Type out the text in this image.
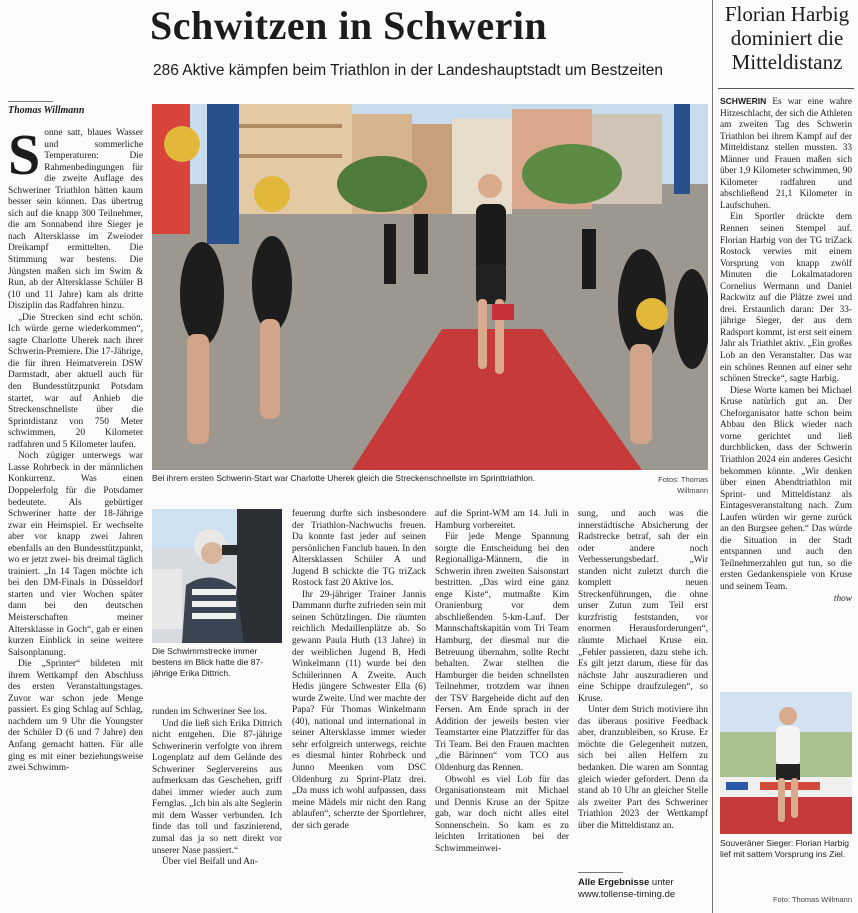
Schwitzen in Schwerin
286 Aktive kämpfen beim Triathlon in der Landeshauptstadt um Bestzeiten
Florian Harbig dominiert die Mitteldistanz
Thomas Willmann

Sonne satt, blaues Wasser und sommerliche Temperaturen: Die Rahmenbedingungen für die zweite Auflage des Schweriner Triathlon hätten kaum besser sein können. Das übertrug sich auf die knapp 300 Teilnehmer, die am Sonnabend ihre Sieger je nach Altersklasse im Zweioder Dreikampf ermittelten. Die Stimmung war bestens. Die Jüngsten maßen sich im Swim & Run, ab der Altersklasse Schüler B (10 und 11 Jahre) kam als dritte Disziplin das Radfahren hinzu.

„Die Strecken sind echt schön. Ich würde gerne wiederkommen“, sagte Charlotte Uherek nach ihrer Schwerin-Premiere. Die 17-Jährige, die für ihren Heimatverein DSW Darmstadt, aber aktuell auch für den Bundesstützpunkt Potsdam startet, war auf Anhieb die Streckenschnellste über die Sprintdistanz von 750 Meter schwimmen, 20 Kilometer radfahren und 5 Kilometer laufen.

Noch zügiger unterwegs war Lasse Rohrbeck in der männlichen Konkurrenz. Was einen Doppelerfolg für die Potsdamer bedeutete. Als gebürtiger Schweriner hatte der 18-Jährige zwar ein Heimspiel. Er wechselte aber vor knapp zwei Jahren ebenfalls an den Bundesstützpunkt, wo er jetzt zwei- bis dreimal täglich trainiert. „In 14 Tagen möchte ich bei den DM-Finals in Düsseldorf starten und vier Wochen später dann bei den deutschen Meisterschaften meiner Altersklasse in Goch“, gab er einen kurzen Einblick in seine weitere Saisonplanung.

Die „Sprinter“ bildeten mit ihrem Wettkampf den Abschluss des ersten Veranstaltungstages. Zuvor war schon jede Menge passiert. Es ging Schlag auf Schlag, nachdem um 9 Uhr die Youngster der Schüler D (6 und 7 Jahre) den Anfang gemacht hatten. Für alle ging es mit einer beziehungsweise zwei Schwimm-

Bei ihrem ersten Schwerin-Start war Charlotte Uherek gleich die Streckenschnellste im Sprinttriathlon.	Fotos: Thomas Willmann
Die Schwimmstrecke immer bestens im Blick hatte die 87-jährige Erika Dittrich.

runden im Schweriner See los.

Und die ließ sich Erika Dittrich nicht entgehen. Die 87-jährige Schwerinerin verfolgte von ihrem Logenplatz auf dem Gelände des Schweriner Seglervereins aus aufmerksam das Geschehen, griff dabei immer wieder auch zum Fernglas. „Ich bin als alte Seglerin mit dem Wasser verbunden. Ich finde das toll und faszinierend, zumal das ja so nett direkt vor unserer Nase passiert.“

Über viel Beifall und An-

feuerung durfte sich insbesondere der Triathlon-Nachwuchs freuen. Da konnte fast jeder auf seinen persönlichen Fanclub bauen. In den Altersklassen Schüler A und Jugend B schickte die TG triZack Rostock fast 20 Aktive los.

Ihr 29-jähriger Trainer Jannis Dammann durfte zufrieden sein mit seinen Schützlingen. Die räumten reichlich Medaillenplätze ab. So gewann Paula Huth (13 Jahre) in der weiblichen Jugend B, Hedi Winkelmann (11) wurde bei den Schülerinnen A Zweite. Auch Hedis jüngere Schwester Ella (6) wurde Zweite. Und wer machte der Papa? Für Thomas Winkelmann (40), national und international in seiner Altersklasse immer wieder sehr erfolgreich unterwegs, reichte es diesmal hinter Rohrbeck und Junno Meenken vom DSC Oldenburg zu Sprint-Platz drei. „Da muss ich wohl aufpassen, dass meine Mädels mir nicht den Rang ablaufen“, scherzte der Sportlehrer, der sich gerade

auf die Sprint-WM am 14. Juli in Hamburg vorbereitet.

Für jede Menge Spannung sorgte die Entscheidung bei den Regionalliga-Männern, die in Schwerin ihren zweiten Saisonstart bestritten. „Das wird eine ganz enge Kiste“, mutmaßte Kim Oranienburg vor dem abschließenden 5-km-Lauf. Der Mannschaftskapitän vom Tri Team Hamburg, der diesmal nur die Betreuung übernahm, sollte Recht behalten. Zwar stellten die Hamburger die beiden schnellsten Teilnehmer, trotzdem war ihnen der TSV Bargeheide dicht auf den Fersen. Am Ende sprach in der Addition der jeweils besten vier Teamstarter eine Platzziffer für das Tri Team. Bei den Frauen machten „die Bärinnen“ vom TCO aus Oldenburg das Rennen.

Obwohl es viel Lob für das Organisationsteam mit Michael und Dennis Kruse an der Spitze gab, war doch nicht alles eitel Sonnenschein. So kam es zu leichten Irritationen bei der Schwimmeinwei-

sung, und auch was die innerstädtische Absicherung der Radstrecke betraf, sah der ein oder andere noch Verbesserungsbedarf. „Wir standen nicht zuletzt durch die komplett neuen Streckenführungen, die ohne unser Zutun zum Teil erst kurzfristig feststanden, vor enormen Herausforderungen“, räumte Michael Kruse ein. „Fehler passieren, dazu stehe ich. Es gilt jetzt darum, diese für das nächste Jahr auszuradieren und eine Schippe draufzulegen“, so Kruse.

Unter dem Strich motiviere ihn das überaus positive Feedback aber, dranzubleiben, so Kruse. Er möchte die Gelegenheit nutzen, sich bei allen Helfern zu bedanken. Die waren am Sonntag gleich wieder gefordert. Denn da stand ab 10 Uhr an gleicher Stelle als zweiter Part des Schweriner Triathlon 2023 der Wettkampf über die Mitteldistanz an.

Alle Ergebnisse unter www.tollense-timing.de

SCHWERIN Es war eine wahre Hitzeschlacht, der sich die Athleten am zweiten Tag des Schwerin Triathlon bei ihrem Kampf auf der Mitteldistanz stellen mussten. 33 Männer und Frauen maßen sich über 1,9 Kilometer schwimmen, 90 Kilometer radfahren und abschließend 21,1 Kilometer in Laufschuhen.

Ein Sportler drückte dem Rennen seinen Stempel auf. Florian Harbig von der TG triZack Rostock verwies mit einem Vorsprung von knapp zwölf Minuten die Lokalmatadoren Cornelius Wermann und Daniel Rackwitz auf die Plätze zwei und drei. Erstaunlich daran: Der 33-jährige Sieger, der aus dem Radsport kommt, ist erst seit einem Jahr als Triathlet aktiv. „Ein großes Lob an den Veranstalter. Das war ein schönes Rennen auf einer sehr schönen Strecke“, sagte Harbig.

Diese Worte kamen bei Michael Kruse natürlich gut an. Der Cheforganisator hatte schon beim Abbau den Blick wieder nach vorne gerichtet und ließ durchblicken, dass der Schwerin Triathlon 2024 ein anderes Gesicht bekommen könnte. „Wir denken über einen Abendtriathlon mit Sprint- und Mitteldistanz als Eintagesveranstaltung nach. Zum Laufen würden wir gerne zurück an den Burgsee gehen.“ Das würde die Situation in der Stadt entspannen und auch den Teilnehmerzahlen gut tun, so die ersten Gedankenspiele von Kruse und seinem Team.

thow

Souveräner Sieger: Florian Harbig lief mit sattem Vorsprung ins Ziel.
Foto: Thomas Willmann
